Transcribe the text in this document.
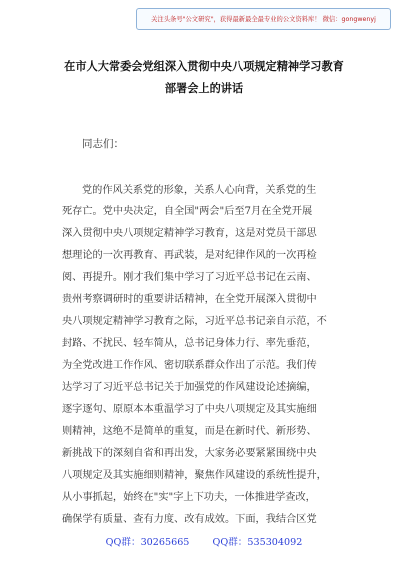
关注头条号"公文研究"，获得最新最全最专业的公文资料库！ 微信：gongwenyj
在市人大常委会党组深入贯彻中央八项规定精神学习教育
部署会上的讲话
同志们：
党的作风关系党的形象，关系人心向背，关系党的生
死存亡。党中央决定，自全国"两会"后至7月在全党开展
深入贯彻中央八项规定精神学习教育，这是对党员干部思
想理论的一次再教育、再武装，是对纪律作风的一次再检
阅、再提升。刚才我们集中学习了习近平总书记在云南、
贵州考察调研时的重要讲话精神，在全党开展深入贯彻中
央八项规定精神学习教育之际，习近平总书记亲自示范，不
封路、不扰民、轻车简从，总书记身体力行、率先垂范，
为全党改进工作作风、密切联系群众作出了示范。我们传
达学习了习近平总书记关于加强党的作风建设论述摘编，
逐字逐句、原原本本重温学习了中央八项规定及其实施细
则精神，这绝不是简单的重复，而是在新时代、新形势、
新挑战下的深刻自省和再出发，大家务必要紧紧围绕中央
八项规定及其实施细则精神，聚焦作风建设的系统性提升，
从小事抓起，始终在"实"字上下功夫，一体推进学查改，
确保学有质量、查有力度、改有成效。下面，我结合区党
QQ群：30265665 QQ群：535304092
